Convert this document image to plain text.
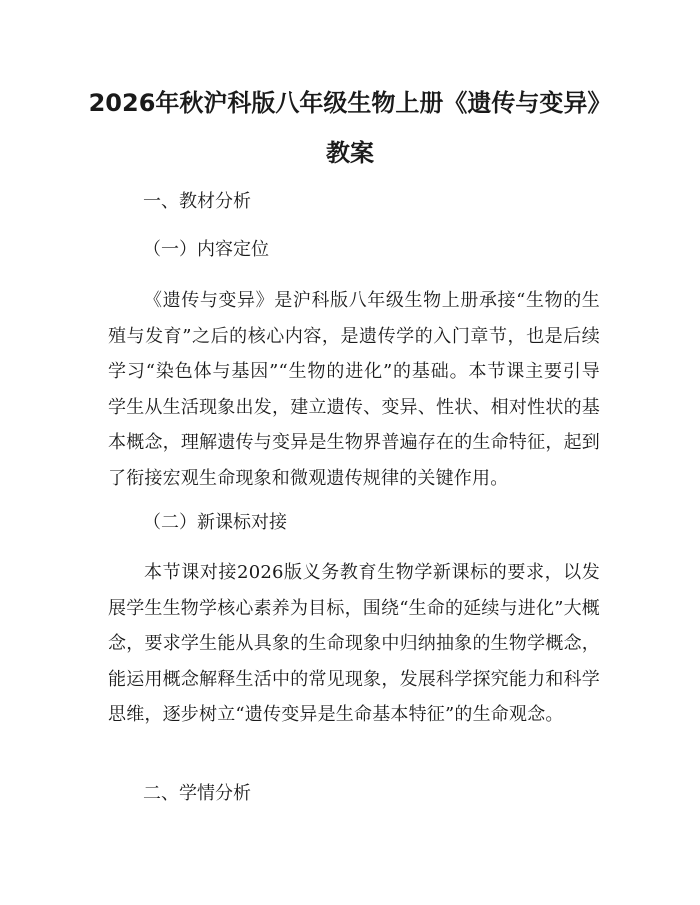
2026年秋沪科版八年级生物上册《遗传与变异》教案

一、教材分析

（一）内容定位

《遗传与变异》是沪科版八年级生物上册承接“生物的生殖与发育”之后的核心内容，是遗传学的入门章节，也是后续学习“染色体与基因”“生物的进化”的基础。本节课主要引导学生从生活现象出发，建立遗传、变异、性状、相对性状的基本概念，理解遗传与变异是生物界普遍存在的生命特征，起到了衔接宏观生命现象和微观遗传规律的关键作用。

（二）新课标对接

本节课对接2026版义务教育生物学新课标的要求，以发展学生生物学核心素养为目标，围绕“生命的延续与进化”大概念，要求学生能从具象的生命现象中归纳抽象的生物学概念，能运用概念解释生活中的常见现象，发展科学探究能力和科学思维，逐步树立“遗传变异是生命基本特征”的生命观念。

二、学情分析
